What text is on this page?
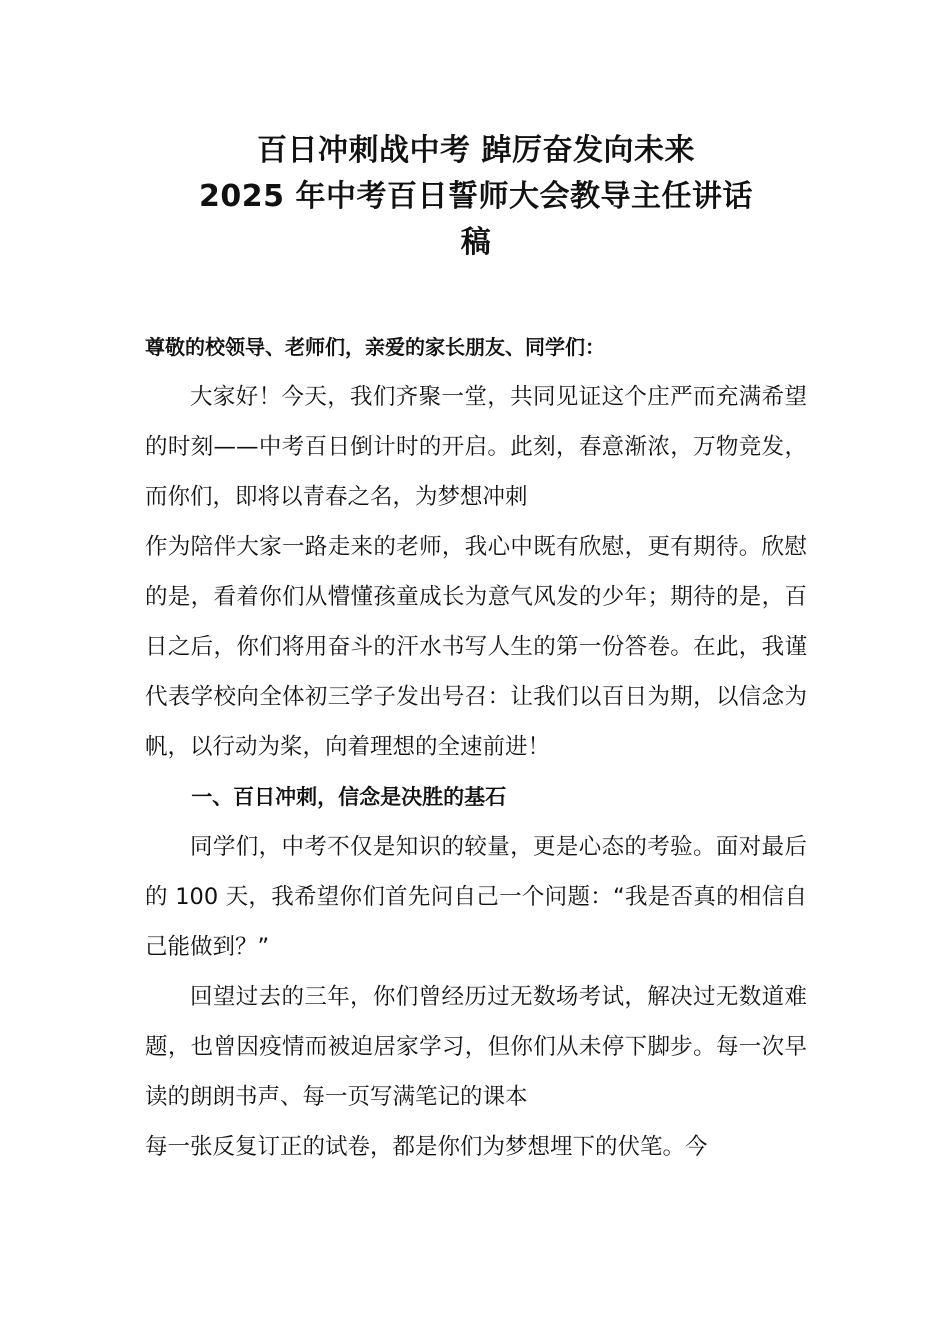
百日冲刺战中考 踔厉奋发向未来

2025 年中考百日誓师大会教导主任讲话

稿

尊敬的校领导、老师们，亲爱的家长朋友、同学们：

大家好！今天，我们齐聚一堂，共同见证这个庄严而充满希望的时刻——中考百日倒计时的开启。此刻，春意渐浓，万物竞发，而你们，即将以青春之名，为梦想冲刺

作为陪伴大家一路走来的老师，我心中既有欣慰，更有期待。欣慰的是，看着你们从懵懂孩童成长为意气风发的少年；期待的是，百日之后，你们将用奋斗的汗水书写人生的第一份答卷。在此，我谨代表学校向全体初三学子发出号召：让我们以百日为期，以信念为帆，以行动为桨，向着理想的全速前进！

一、百日冲刺，信念是决胜的基石

同学们，中考不仅是知识的较量，更是心态的考验。面对最后的 100 天，我希望你们首先问自己一个问题：“我是否真的相信自己能做到？”

回望过去的三年，你们曾经历过无数场考试，解决过无数道难题，也曾因疫情而被迫居家学习，但你们从未停下脚步。每一次早读的朗朗书声、每一页写满笔记的课本

每一张反复订正的试卷，都是你们为梦想埋下的伏笔。今
